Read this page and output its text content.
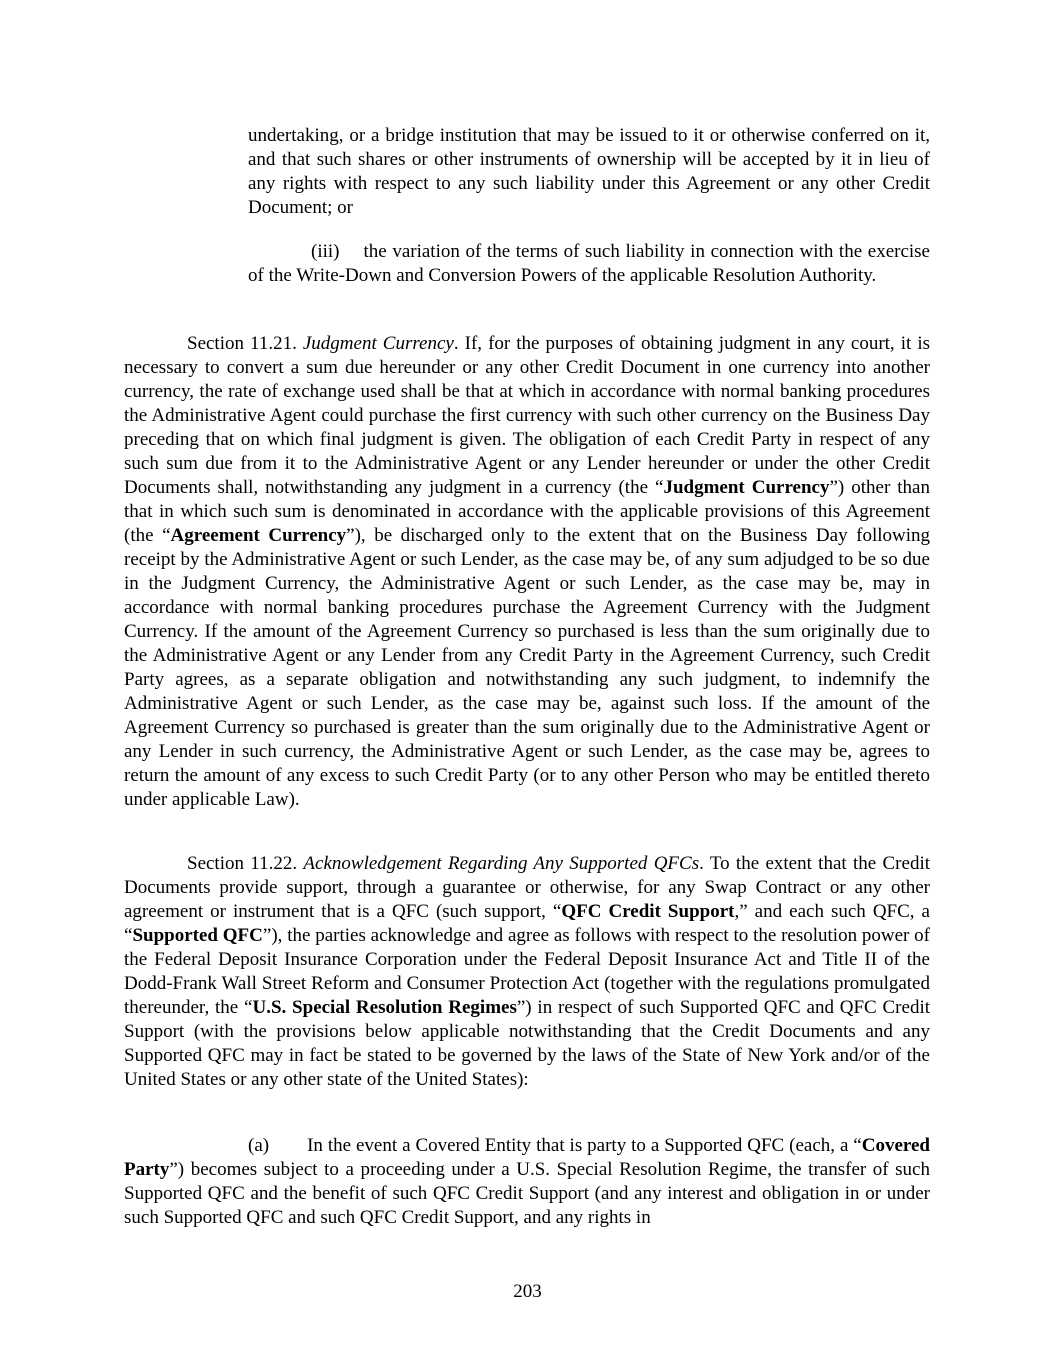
undertaking, or a bridge institution that may be issued to it or otherwise conferred on it, and that such shares or other instruments of ownership will be accepted by it in lieu of any rights with respect to any such liability under this Agreement or any other Credit Document; or

(iii) the variation of the terms of such liability in connection with the exercise of the Write-Down and Conversion Powers of the applicable Resolution Authority.

Section 11.21. Judgment Currency. If, for the purposes of obtaining judgment in any court, it is necessary to convert a sum due hereunder or any other Credit Document in one currency into another currency, the rate of exchange used shall be that at which in accordance with normal banking procedures the Administrative Agent could purchase the first currency with such other currency on the Business Day preceding that on which final judgment is given. The obligation of each Credit Party in respect of any such sum due from it to the Administrative Agent or any Lender hereunder or under the other Credit Documents shall, notwithstanding any judgment in a currency (the “Judgment Currency”) other than that in which such sum is denominated in accordance with the applicable provisions of this Agreement (the “Agreement Currency”), be discharged only to the extent that on the Business Day following receipt by the Administrative Agent or such Lender, as the case may be, of any sum adjudged to be so due in the Judgment Currency, the Administrative Agent or such Lender, as the case may be, may in accordance with normal banking procedures purchase the Agreement Currency with the Judgment Currency. If the amount of the Agreement Currency so purchased is less than the sum originally due to the Administrative Agent or any Lender from any Credit Party in the Agreement Currency, such Credit Party agrees, as a separate obligation and notwithstanding any such judgment, to indemnify the Administrative Agent or such Lender, as the case may be, against such loss. If the amount of the Agreement Currency so purchased is greater than the sum originally due to the Administrative Agent or any Lender in such currency, the Administrative Agent or such Lender, as the case may be, agrees to return the amount of any excess to such Credit Party (or to any other Person who may be entitled thereto under applicable Law).

Section 11.22. Acknowledgement Regarding Any Supported QFCs. To the extent that the Credit Documents provide support, through a guarantee or otherwise, for any Swap Contract or any other agreement or instrument that is a QFC (such support, “QFC Credit Support,” and each such QFC, a “Supported QFC”), the parties acknowledge and agree as follows with respect to the resolution power of the Federal Deposit Insurance Corporation under the Federal Deposit Insurance Act and Title II of the Dodd-Frank Wall Street Reform and Consumer Protection Act (together with the regulations promulgated thereunder, the “U.S. Special Resolution Regimes”) in respect of such Supported QFC and QFC Credit Support (with the provisions below applicable notwithstanding that the Credit Documents and any Supported QFC may in fact be stated to be governed by the laws of the State of New York and/or of the United States or any other state of the United States):

(a) In the event a Covered Entity that is party to a Supported QFC (each, a “Covered Party”) becomes subject to a proceeding under a U.S. Special Resolution Regime, the transfer of such Supported QFC and the benefit of such QFC Credit Support (and any interest and obligation in or under such Supported QFC and such QFC Credit Support, and any rights in

203
